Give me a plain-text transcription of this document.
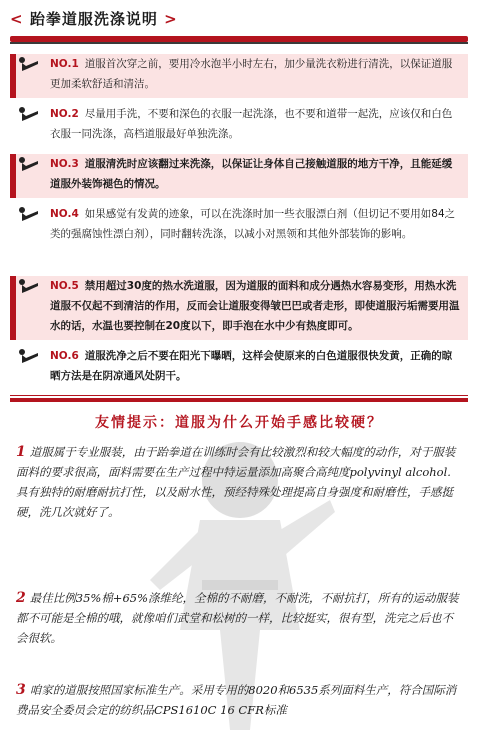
< 跆拳道服洗涤说明 >
NO.1 道服首次穿之前，要用冷水泡半小时左右，加少量洗衣粉进行清洗，以保证道服更加柔软舒适和清洁。
NO.2 尽量用手洗，不要和深色的衣服一起洗涤，也不要和道带一起洗，应该仅和白色衣服一同洗涤，高档道服最好单独洗涤。
NO.3 道服清洗时应该翻过来洗涤，以保证让身体自己接触道服的地方干净，且能延缓道服外装饰褪色的情况。
NO.4 如果感觉有发黄的迹象，可以在洗涤时加一些衣服漂白剂（但切记不要用如84之类的强腐蚀性漂白剂），同时翻转洗涤，以减小对黑领和其他外部装饰的影响。
NO.5 禁用超过30度的热水洗道服，因为道服的面料和成分遇热水容易变形，用热水洗道服不仅起不到清洁的作用，反而会让道服变得皱巴巴或者走形，即使道服污垢需要用温水的话，水温也要控制在20度以下，即手泡在水中少有热度即可。
NO.6 道服洗净之后不要在阳光下曝晒，这样会使原来的白色道服很快发黄，正确的晾晒方法是在阴凉通风处阴干。
友情提示：道服为什么开始手感比较硬？
1 道服属于专业服装，由于跆拳道在训练时会有比较激烈和较大幅度的动作，对于服装面料的要求很高，面料需要在生产过程中特运量添加高聚合高纯度polyvinyl alcohol.具有独特的耐磨耐抗打性，以及耐水性，预经特殊处理提高自身强度和耐磨性，手感挺硬，洗几次就好了。
2 最佳比例35%棉+65%涤维纶，全棉的不耐磨，不耐洗，不耐抗打，所有的运动服装都不可能是全棉的哦，就像咱们武堂和松树的一样，比较挺实，很有型，洗完之后也不会很软。
3 咱家的道服按照国家标准生产。采用专用的8020和6535系列面料生产，符合国际消费品安全委员会定的纺织品CPS1610C 16 CFR标准
